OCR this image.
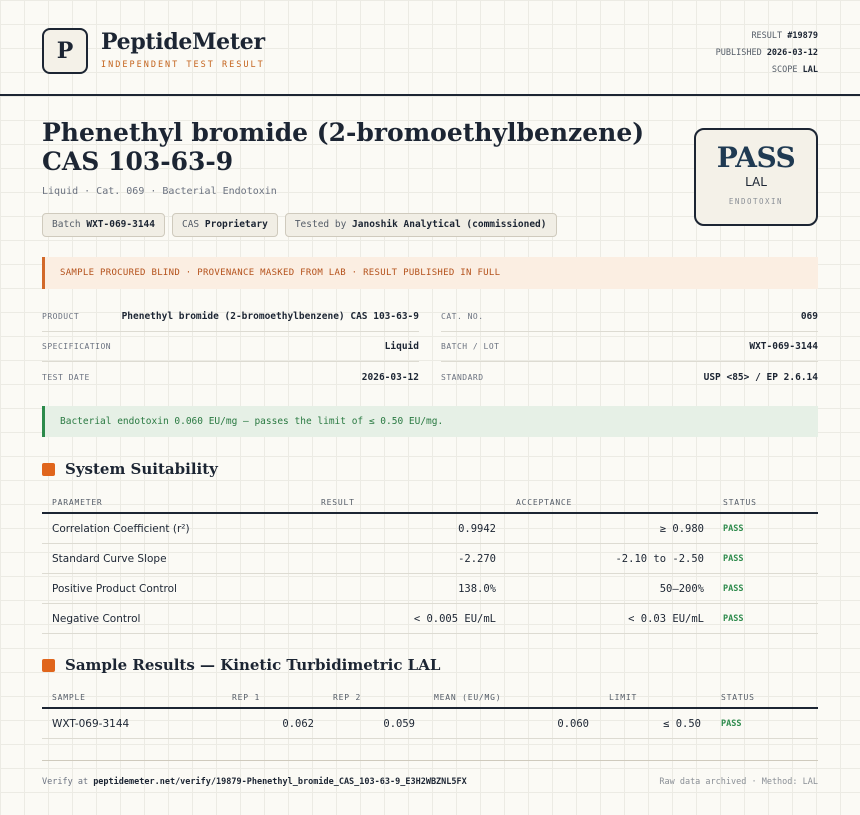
P	PeptideMeter
INDEPENDENT TEST RESULT
RESULT #19879
PUBLISHED 2026-03-12
SCOPE LAL
Phenethyl bromide (2-bromoethylbenzene)
CAS 103-63-9
Liquid · Cat. 069 · Bacterial Endotoxin
Batch WXT-069-3144	CAS Proprietary	Tested by Janoshik Analytical (commissioned)
PASS
LAL
ENDOTOXIN
SAMPLE PROCURED BLIND · PROVENANCE MASKED FROM LAB · RESULT PUBLISHED IN FULL
PRODUCT	Phenethyl bromide (2-bromoethylbenzene) CAS 103-63-9
SPECIFICATION	Liquid
TEST DATE	2026-03-12
CAT. NO.	069
BATCH / LOT	WXT-069-3144
STANDARD	USP <85> / EP 2.6.14
Bacterial endotoxin 0.060 EU/mg — passes the limit of ≤ 0.50 EU/mg.
System Suitability
PARAMETER	RESULT	ACCEPTANCE	STATUS
Correlation Coefficient (r²)	0.9942	≥ 0.980 PASS
Standard Curve Slope	-2.270	-2.10 to -2.50 PASS
Positive Product Control	138.0%	50–200% PASS
Negative Control	< 0.005 EU/mL	< 0.03 EU/mL PASS
Sample Results — Kinetic Turbidimetric LAL
SAMPLE	REP 1	REP 2	MEAN (EU/MG)	LIMIT	STATUS
WXT-069-3144	0.062	0.059	0.060	≤ 0.50 PASS
Verify at peptidemeter.net/verify/19879-Phenethyl_bromide_CAS_103-63-9_E3H2WBZNL5FX	Raw data archived · Method: LAL
